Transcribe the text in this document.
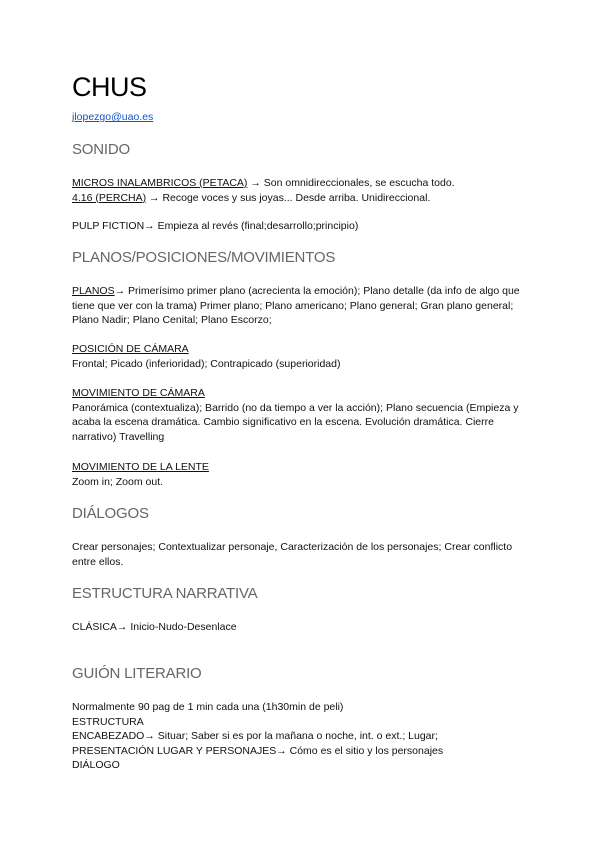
CHUS
jlopezgo@uao.es
SONIDO
MICROS INALAMBRICOS (PETACA) → Son omnidireccionales, se escucha todo.
4.16 (PERCHA) → Recoge voces y sus joyas... Desde arriba. Unidireccional.
PULP FICTION→ Empieza al revés (final;desarrollo;principio)
PLANOS/POSICIONES/MOVIMIENTOS
PLANOS→ Primerísimo primer plano (acrecienta la emoción); Plano detalle (da info de algo que tiene que ver con la trama) Primer plano; Plano americano; Plano general; Gran plano general; Plano Nadir; Plano Cenital; Plano Escorzo;
POSICIÓN DE CÁMARA
Frontal; Picado (inferioridad); Contrapicado (superioridad)
MOVIMIENTO DE CÁMARA
Panorámica (contextualiza); Barrido (no da tiempo a ver la acción); Plano secuencia (Empieza y acaba la escena dramática. Cambio significativo en la escena. Evolución dramática. Cierre narrativo) Travelling
MOVIMIENTO DE LA LENTE
Zoom in; Zoom out.
DIÁLOGOS
Crear personajes; Contextualizar personaje, Caracterización de los personajes; Crear conflicto entre ellos.
ESTRUCTURA NARRATIVA
CLÁSICA→ Inicio-Nudo-Desenlace
GUIÓN LITERARIO
Normalmente 90 pag de 1 min cada una (1h30min de peli)
ESTRUCTURA
ENCABEZADO→ Situar; Saber si es por la mañana o noche, int. o ext.; Lugar;
PRESENTACIÓN LUGAR Y PERSONAJES→ Cómo es el sitio y los personajes
DIÁLOGO
